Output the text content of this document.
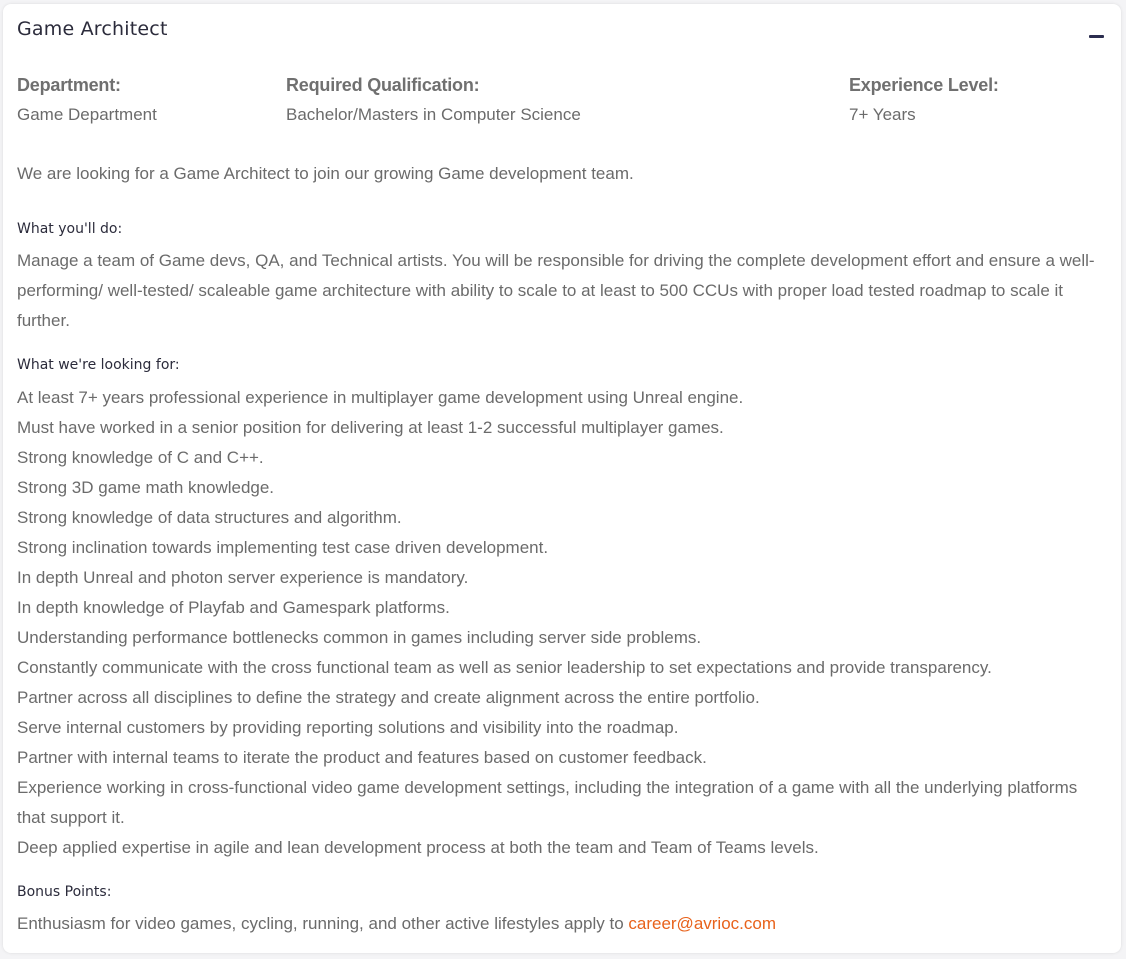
Game Architect
Department:
Game Department
Required Qualification:
Bachelor/Masters in Computer Science
Experience Level:
7+ Years
We are looking for a Game Architect to join our growing Game development team.
What you'll do:
Manage a team of Game devs, QA, and Technical artists. You will be responsible for driving the complete development effort and ensure a well-performing/ well-tested/ scaleable game architecture with ability to scale to at least to 500 CCUs with proper load tested roadmap to scale it further.
What we're looking for:
At least 7+ years professional experience in multiplayer game development using Unreal engine.
Must have worked in a senior position for delivering at least 1-2 successful multiplayer games.
Strong knowledge of C and C++.
Strong 3D game math knowledge.
Strong knowledge of data structures and algorithm.
Strong inclination towards implementing test case driven development.
In depth Unreal and photon server experience is mandatory.
In depth knowledge of Playfab and Gamespark platforms.
Understanding performance bottlenecks common in games including server side problems.
Constantly communicate with the cross functional team as well as senior leadership to set expectations and provide transparency.
Partner across all disciplines to define the strategy and create alignment across the entire portfolio.
Serve internal customers by providing reporting solutions and visibility into the roadmap.
Partner with internal teams to iterate the product and features based on customer feedback.
Experience working in cross-functional video game development settings, including the integration of a game with all the underlying platforms that support it.
Deep applied expertise in agile and lean development process at both the team and Team of Teams levels.
Bonus Points:
Enthusiasm for video games, cycling, running, and other active lifestyles apply to career@avrioc.com
